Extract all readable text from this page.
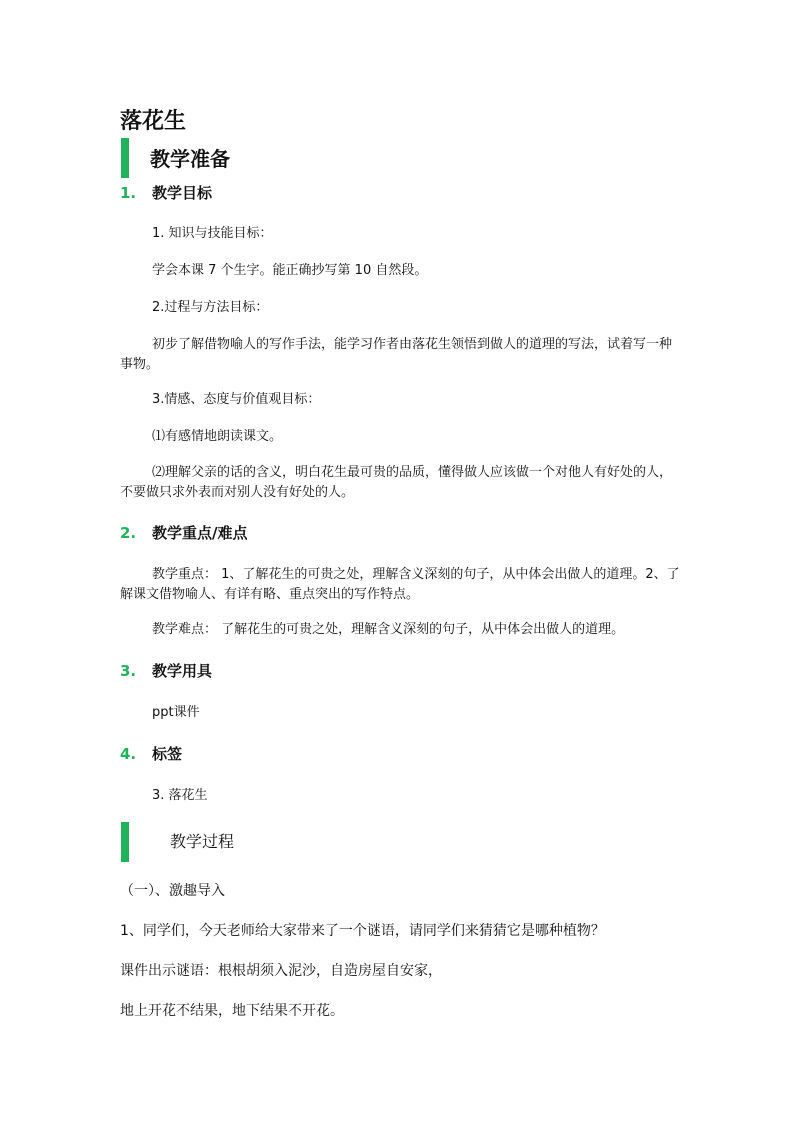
落花生
教学准备
1. 教学目标
1. 知识与技能目标：
学会本课 7 个生字。能正确抄写第 10 自然段。
2.过程与方法目标：
初步了解借物喻人的写作手法，能学习作者由落花生领悟到做人的道理的写法，试着写一种事物。
3.情感、态度与价值观目标：
⑴有感情地朗读课文。
⑵理解父亲的话的含义，明白花生最可贵的品质，懂得做人应该做一个对他人有好处的人，不要做只求外表而对别人没有好处的人。
2. 教学重点/难点
教学重点： 1、了解花生的可贵之处，理解含义深刻的句子，从中体会出做人的道理。2、了解课文借物喻人、有详有略、重点突出的写作特点。
教学难点： 了解花生的可贵之处，理解含义深刻的句子，从中体会出做人的道理。
3. 教学用具
ppt课件
4. 标签
3. 落花生
教学过程
（一）、激趣导入
1、同学们，今天老师给大家带来了一个谜语，请同学们来猜猜它是哪种植物？
课件出示谜语：根根胡须入泥沙，自造房屋自安家，
地上开花不结果，地下结果不开花。
